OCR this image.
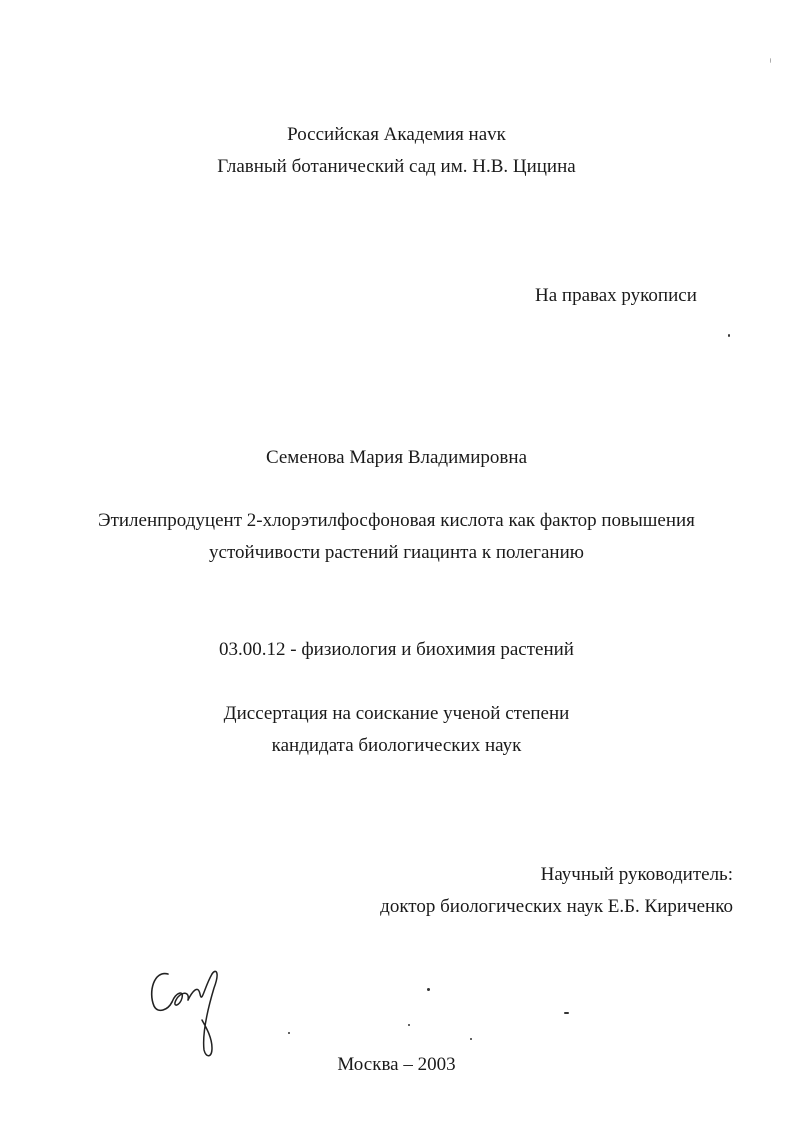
Российская Академия наvк
Главный ботанический сад им. Н.В. Цицина
На правах рукописи
Семенова Мария Владимировна
Этиленпродуцент 2-хлорэтилфосфоновая кислота как фактор повышения
устойчивости растений гиацинта к полеганию
03.00.12 - физиология и биохимия растений
Диссертация на соискание ученой степени
кандидата биологических наук
Научный руководитель:
доктор биологических наук Е.Б. Кириченко
Москва – 2003
